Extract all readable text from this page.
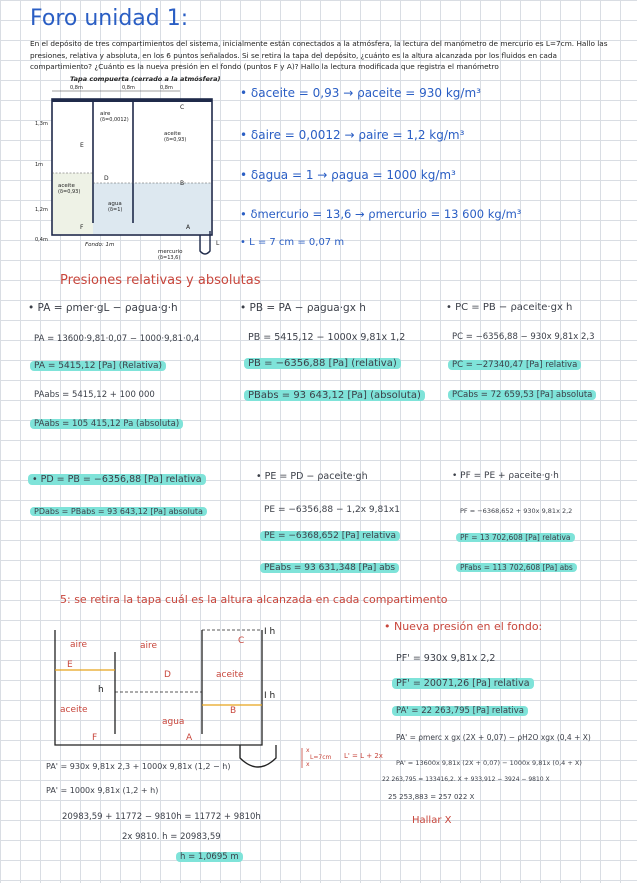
Foro unidad 1:
En el depósito de tres compartimientos del sistema, inicialmente están conectados a la atmósfera, la lectura del manómetro de mercurio es L=7cm. Hallo las presiones, relativa y absoluta, en los 6 puntos señalados. Si se retira la tapa del depósito, ¿cuánto es la altura alcanzada por los fluidos en cada compartimiento? ¿Cuánto es la nueva presión en el fondo (puntos F y A)? Hallo la lectura modificada que registra el manómetro
Tapa compuerta (cerrado a la atmósfera)
0,8m	0,8m	0,8m
aire
(δ=0,0012)
aceite
(δ=0,93)
aceite
(δ=0,93)
agua
(δ=1)
1,3m
1m
1,2m
0,4m
Fondo: 1m
mercurio
(δ=13,6)
L
C
B
D
E
F	A
• δaceite = 0,93 → ρaceite = 930 kg/m³
• δaire = 0,0012 → ρaire = 1,2 kg/m³
• δagua = 1 → ρagua = 1000 kg/m³
• δmercurio = 13,6 → ρmercurio = 13 600 kg/m³
• L = 7 cm = 0,07 m
Presiones relativas y absolutas
• PA = ρmer·gL − ρagua·g·h
PA = 13600·9,81·0,07 − 1000·9,81·0,4
PA = 5415,12 [Pa] (Relativa)
PAabs = 5415,12 + 100 000
PAabs = 105 415,12 Pa (absoluta)
• PB = PA − ρagua·gx h
PB = 5415,12 − 1000x 9,81x 1,2
PB = −6356,88 [Pa] (relativa)
PBabs = 93 643,12 [Pa] (absoluta)
• PC = PB − ρaceite·gx h
PC = −6356,88 − 930x 9,81x 2,3
PC = −27340,47 [Pa] relativa
PCabs = 72 659,53 [Pa] absoluta
• PD = PB = −6356,88 [Pa] relativa
PDabs = PBabs = 93 643,12 [Pa] absoluta
• PE = PD − ρaceite·gh
PE = −6356,88 − 1,2x 9,81x1
PE = −6368,652 [Pa] relativa
PEabs = 93 631,348 [Pa] abs
• PF = PE + ρaceite·g·h
PF = −6368,652 + 930x 9,81x 2,2
PF = 13 702,608 [Pa] relativa
PFabs = 113 702,608 [Pa] abs
5: se retira la tapa cuál es la altura alcanzada en cada compartimento
aire	aire
aceite
aceite
agua
h
I h
I h
E
D
C
B
F	A
x
x
L=7cm L' = L + 2x
PA' = 930x 9,81x 2,3 + 1000x 9,81x (1,2 − h)
PA' = 1000x 9,81x (1,2 + h)
20983,59 + 11772 − 9810h = 11772 + 9810h
2x 9810. h = 20983,59
h = 1,0695 m
• Nueva presión en el fondo:
PF' = 930x 9,81x 2,2
PF' = 20071,26 [Pa] relativa
PA' = 22 263,795 [Pa] relativa
PA' = ρmerc x gx (2X + 0,07) − ρH2O xgx (0,4 + X)
PA' = 13600x 9,81x (2X + 0,07) − 1000x 9,81x (0,4 + X)
22 263,795 = 133416,2. X + 933,912 − 3924 − 9810 X
25 253,883 = 257 022 X
Hallar X
